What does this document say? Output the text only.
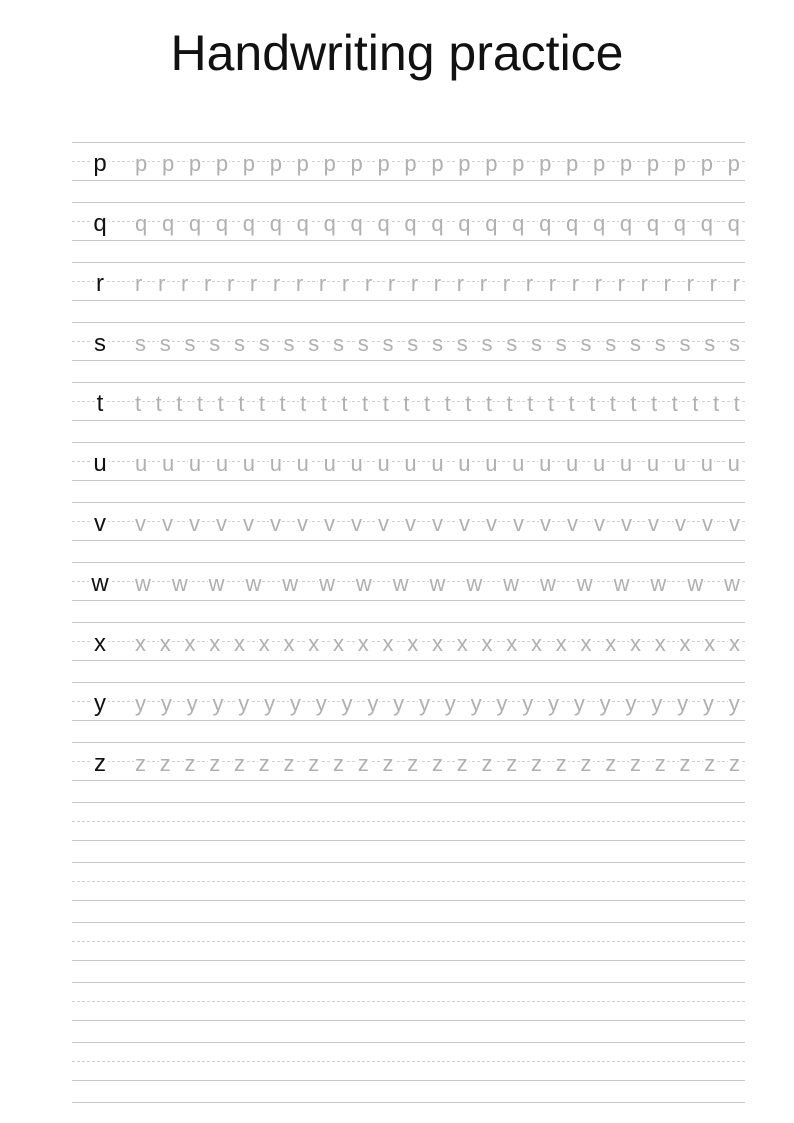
Handwriting practice
p	p p p p p p p p p p p p p p p p p p p p p p p
q	q q q q q q q q q q q q q q q q q q q q q q q
r	r r r r r r r r r r r r r r r r r r r r r r r r r r r
s	s s s s s s s s s s s s s s s s s s s s s s s s s
t	t t t t t t t t t t t t t t t t t t t t t t t t t t t t t t
u	u u u u u u u u u u u u u u u u u u u u u u u
v	v v v v v v v v v v v v v v v v v v v v v v v
w	w w w w w w w w w w w w w w w w w
x	x x x x x x x x x x x x x x x x x x x x x x x x x
y	y y y y y y y y y y y y y y y y y y y y y y y y
z	z z z z z z z z z z z z z z z z z z z z z z z z z
